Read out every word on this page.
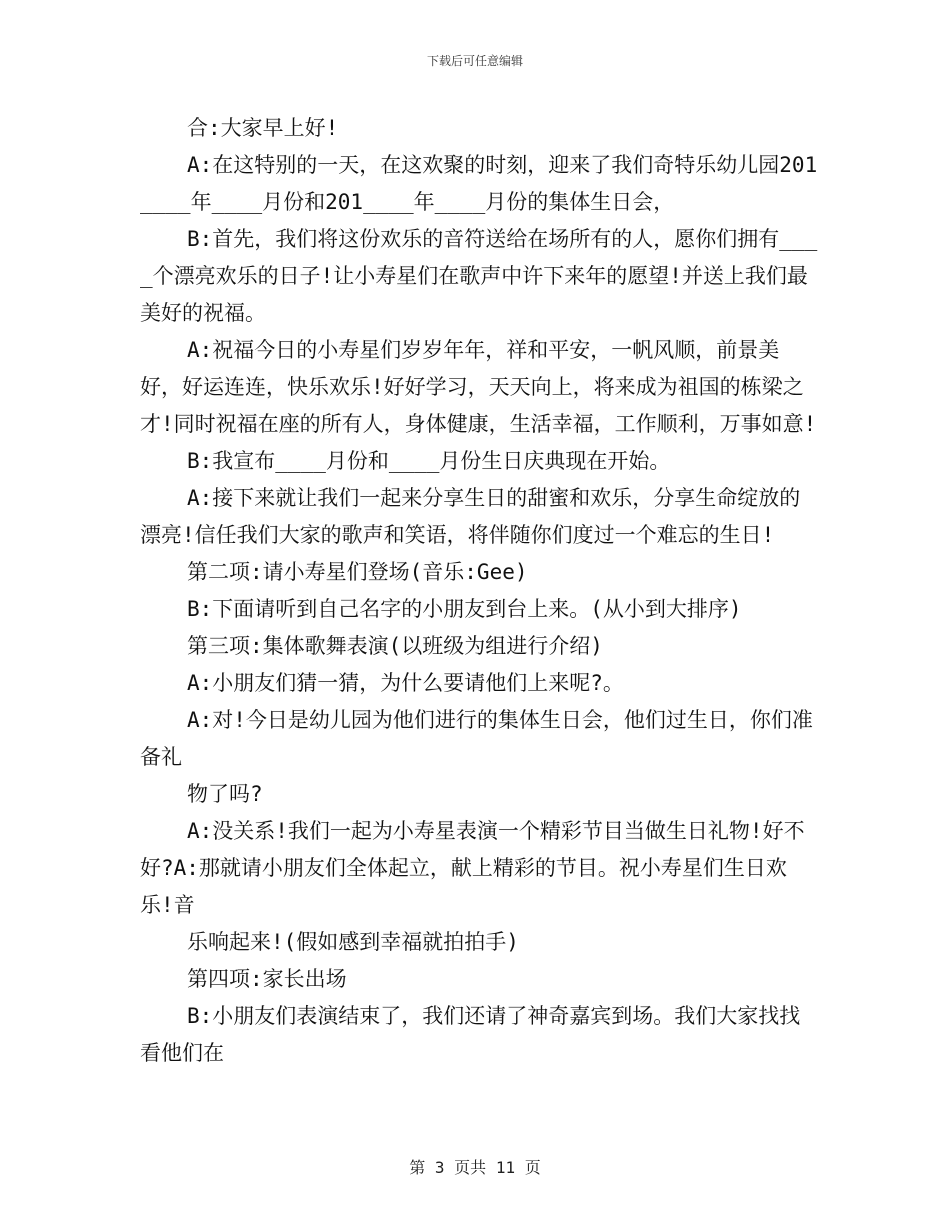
下载后可任意编辑

合:大家早上好!

A:在这特别的一天，在这欢聚的时刻，迎来了我们奇特乐幼儿园201____年____月份和201____年____月份的集体生日会，

B:首先，我们将这份欢乐的音符送给在场所有的人，愿你们拥有____个漂亮欢乐的日子!让小寿星们在歌声中许下来年的愿望!并送上我们最美好的祝福。

A:祝福今日的小寿星们岁岁年年，祥和平安，一帆风顺，前景美好，好运连连，快乐欢乐!好好学习，天天向上，将来成为祖国的栋梁之才!同时祝福在座的所有人，身体健康，生活幸福，工作顺利，万事如意!

B:我宣布____月份和____月份生日庆典现在开始。

A:接下来就让我们一起来分享生日的甜蜜和欢乐，分享生命绽放的漂亮!信任我们大家的歌声和笑语，将伴随你们度过一个难忘的生日!

第二项:请小寿星们登场(音乐:Gee)

B:下面请听到自己名字的小朋友到台上来。(从小到大排序)

第三项:集体歌舞表演(以班级为组进行介绍)

A:小朋友们猜一猜，为什么要请他们上来呢?。

A:对!今日是幼儿园为他们进行的集体生日会，他们过生日，你们准备礼

物了吗?

A:没关系!我们一起为小寿星表演一个精彩节目当做生日礼物!好不好?A:那就请小朋友们全体起立，献上精彩的节目。祝小寿星们生日欢乐!音

乐响起来!(假如感到幸福就拍拍手)

第四项:家长出场

B:小朋友们表演结束了，我们还请了神奇嘉宾到场。我们大家找找看他们在

第 3 页共 11 页
